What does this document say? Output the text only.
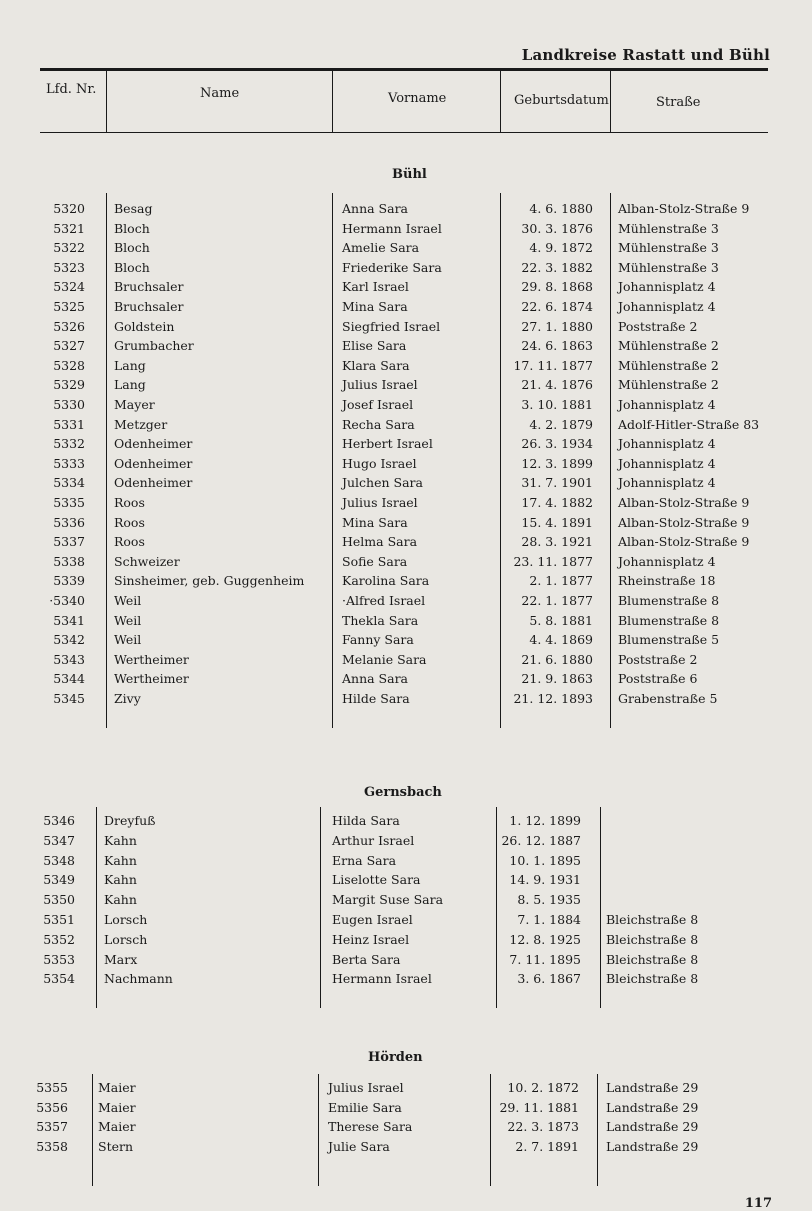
Landkreise Rastatt und Bühl
Lfd. Nr.	Name	Vorname	Geburtsdatum	Straße
Bühl
5320 Besag	Anna Sara	4. 6. 1880 Alban-Stolz-Straße 9
5321 Bloch	Hermann Israel	30. 3. 1876 Mühlenstraße 3
5322 Bloch	Amelie Sara	4. 9. 1872 Mühlenstraße 3
5323 Bloch	Friederike Sara	22. 3. 1882 Mühlenstraße 3
5324 Bruchsaler	Karl Israel	29. 8. 1868 Johannisplatz 4
5325 Bruchsaler	Mina Sara	22. 6. 1874 Johannisplatz 4
5326 Goldstein	Siegfried Israel	27. 1. 1880 Poststraße 2
5327 Grumbacher	Elise Sara	24. 6. 1863 Mühlenstraße 2
5328 Lang	Klara Sara	17. 11. 1877 Mühlenstraße 2
5329 Lang	Julius Israel	21. 4. 1876 Mühlenstraße 2
5330 Mayer	Josef Israel	3. 10. 1881 Johannisplatz 4
5331 Metzger	Recha Sara	4. 2. 1879 Adolf-Hitler-Straße 83
5332 Odenheimer	Herbert Israel	26. 3. 1934 Johannisplatz 4
5333 Odenheimer	Hugo Israel	12. 3. 1899 Johannisplatz 4
5334 Odenheimer	Julchen Sara	31. 7. 1901 Johannisplatz 4
5335 Roos	Julius Israel	17. 4. 1882 Alban-Stolz-Straße 9
5336 Roos	Mina Sara	15. 4. 1891 Alban-Stolz-Straße 9
5337 Roos	Helma Sara	28. 3. 1921 Alban-Stolz-Straße 9
5338 Schweizer	Sofie Sara	23. 11. 1877 Johannisplatz 4
5339 Sinsheimer, geb. Guggenheim	Karolina Sara	2. 1. 1877 Rheinstraße 18
·5340 Weil	·Alfred Israel	22. 1. 1877 Blumenstraße 8
5341 Weil	Thekla Sara	5. 8. 1881 Blumenstraße 8
5342 Weil	Fanny Sara	4. 4. 1869 Blumenstraße 5
5343 Wertheimer	Melanie Sara	21. 6. 1880 Poststraße 2
5344 Wertheimer	Anna Sara	21. 9. 1863 Poststraße 6
5345 Zivy	Hilde Sara	21. 12. 1893 Grabenstraße 5
Gernsbach
5346 Dreyfuß	Hilda Sara	1. 12. 1899
5347 Kahn	Arthur Israel	26. 12. 1887
5348 Kahn	Erna Sara	10. 1. 1895
5349 Kahn	Liselotte Sara	14. 9. 1931
5350 Kahn	Margit Suse Sara	8. 5. 1935
5351 Lorsch	Eugen Israel	7. 1. 1884 Bleichstraße 8
5352 Lorsch	Heinz Israel	12. 8. 1925 Bleichstraße 8
5353 Marx	Berta Sara	7. 11. 1895 Bleichstraße 8
5354 Nachmann	Hermann Israel	3. 6. 1867 Bleichstraße 8
Hörden
5355 Maier	Julius Israel	10. 2. 1872 Landstraße 29
5356 Maier	Emilie Sara	29. 11. 1881 Landstraße 29
5357 Maier	Therese Sara	22. 3. 1873 Landstraße 29
5358 Stern	Julie Sara	2. 7. 1891 Landstraße 29
117
